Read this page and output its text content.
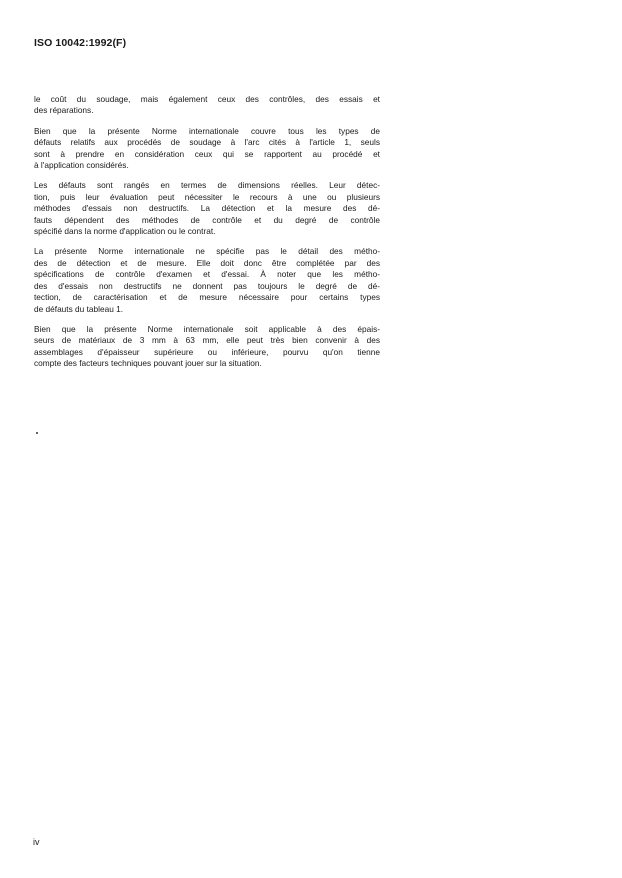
ISO 10042:1992(F)

le coût du soudage, mais également ceux des contrôles, des essais et
des réparations.

Bien que la présente Norme internationale couvre tous les types de
défauts relatifs aux procédés de soudage à l'arc cités à l'article 1, seuls
sont à prendre en considération ceux qui se rapportent au procédé et
à l'application considérés.

Les défauts sont rangés en termes de dimensions réelles. Leur détec-
tion, puis leur évaluation peut nécessiter le recours à une ou plusieurs
méthodes d'essais non destructifs. La détection et la mesure des dé-
fauts dépendent des méthodes de contrôle et du degré de contrôle
spécifié dans la norme d'application ou le contrat.

La présente Norme internationale ne spécifie pas le détail des métho-
des de détection et de mesure. Elle doit donc être complétée par des
spécifications de contrôle d'examen et d'essai. À noter que les métho-
des d'essais non destructifs ne donnent pas toujours le degré de dé-
tection, de caractérisation et de mesure nécessaire pour certains types
de défauts du tableau 1.

Bien que la présente Norme internationale soit applicable à des épais-
seurs de matériaux de 3 mm à 63 mm, elle peut très bien convenir à des
assemblages d'épaisseur supérieure ou inférieure, pourvu qu'on tienne
compte des facteurs techniques pouvant jouer sur la situation.

iv
